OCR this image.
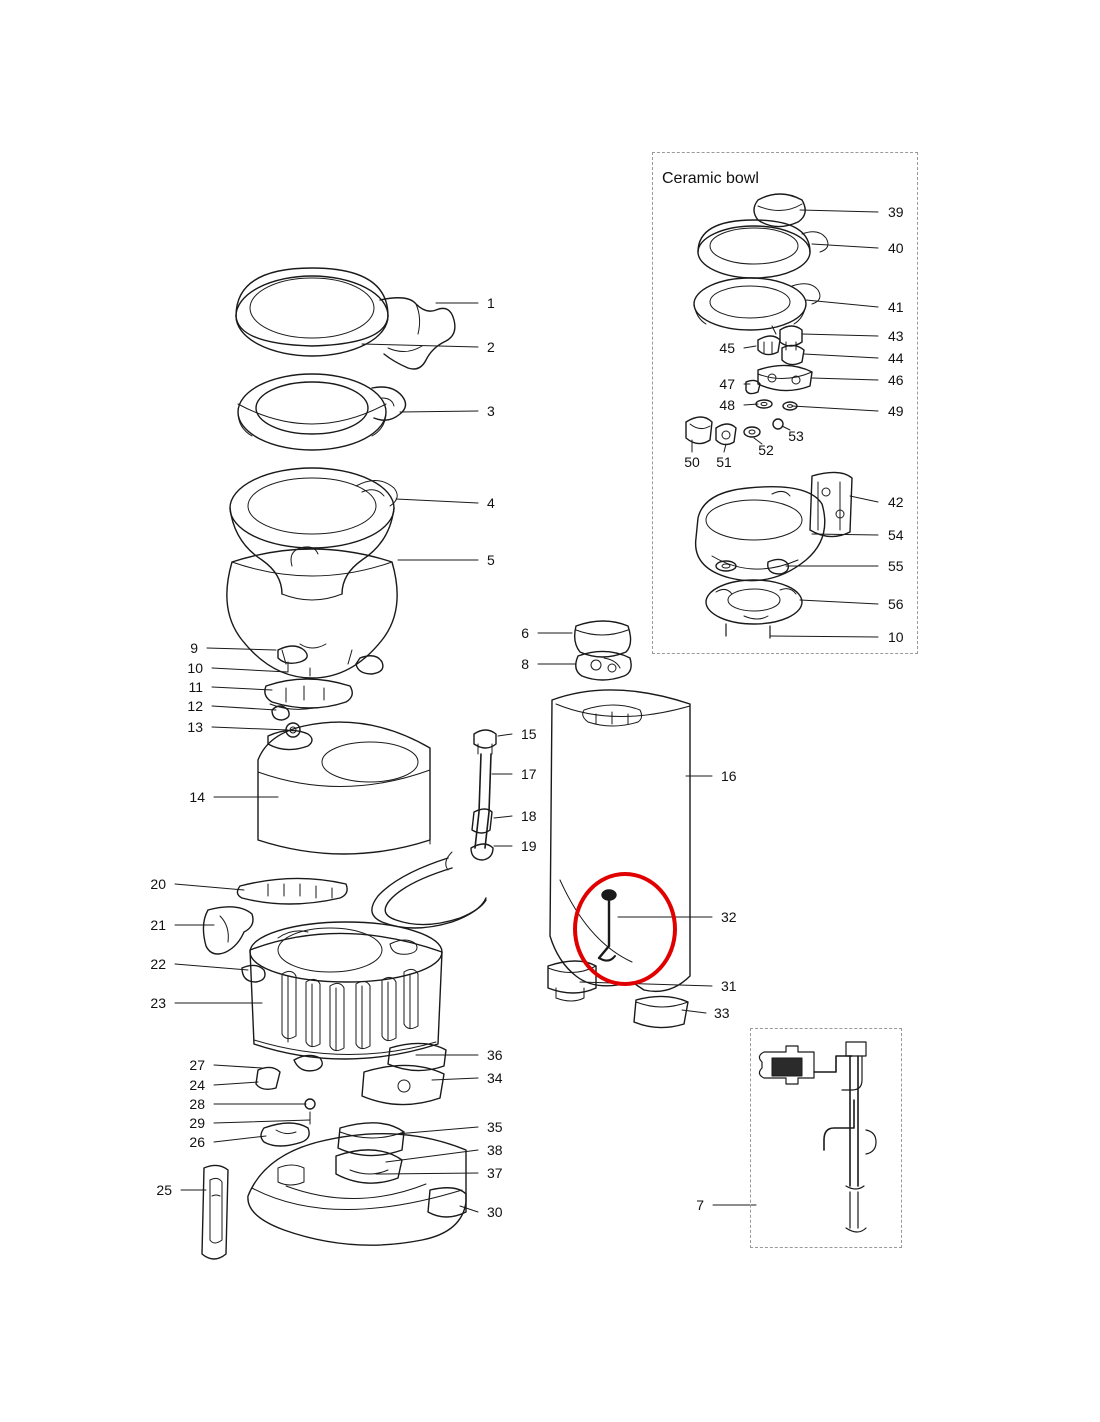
Ceramic bowl
1
2
3
4
5
9
10
11
12
13
6
8
15
17
18
19
16
14
20
21
22
23
32
31
33
27
24
28
29
26
25
36
34
35
38
37
30	7
39
40
41
43
44
46
49
45
47
48
50 51
52
53
42
54
55
56
10
